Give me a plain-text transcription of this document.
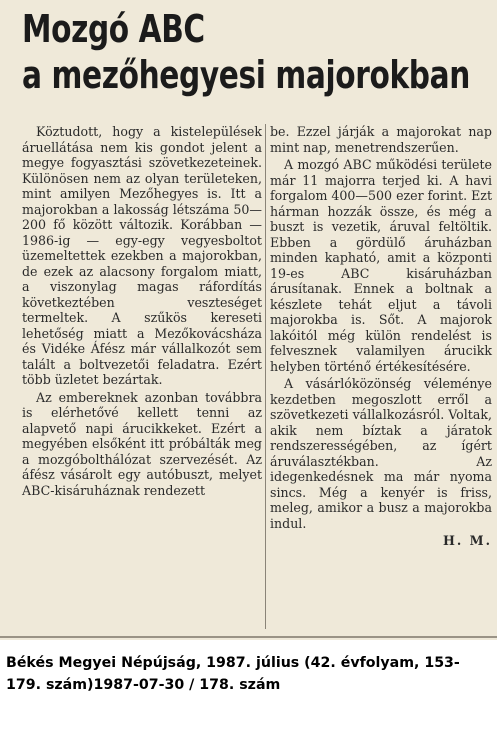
Mozgó ABC
a mezőhegyesi majorokban

Köztudott, hogy a kistelepülések áruellátása nem kis gondot jelent a megye fogyasztási szövetkezeteinek. Különösen nem az olyan területeken, mint amilyen Mezőhegyes is. Itt a majorokban a lakosság létszáma 50—200 fő között változik. Korábban — 1986-ig — egy-egy vegyesboltot üzemeltettek ezekben a majorokban, de ezek az alacsony forgalom miatt, a viszonylag magas ráfordítás következtében veszteséget termeltek. A szűkös kereseti lehetőség miatt a Mezőkovácsháza és Vidéke Áfész már vállalkozót sem talált a boltvezetői feladatra. Ezért több üzletet bezártak.

Az embereknek azonban továbbra is elérhetővé kellett tenni az alapvető napi árucikkeket. Ezért a megyében elsőként itt próbálták meg a mozgóbolthálózat szervezését. Az áfész vásárolt egy autóbuszt, melyet ABC-kisáruháznak rendezett

be. Ezzel járják a majorokat nap mint nap, menetrendszerűen.

A mozgó ABC működési területe már 11 majorra terjed ki. A havi forgalom 400—500 ezer forint. Ezt hárman hozzák össze, és még a buszt is vezetik, áruval feltöltik. Ebben a gördülő áruházban minden kapható, amit a központi 19-es ABC kisáruházban árusítanak. Ennek a boltnak a készlete tehát eljut a távoli majorokba is. Sőt. A majorok lakóitól még külön rendelést is felvesznek valamilyen árucikk helyben történő értékesítésére.

A vásárlóközönség véleménye kezdetben megoszlott erről a szövetkezeti vállalkozásról. Voltak, akik nem bíztak a járatok rendszerességében, az ígért áruválasztékban. Az idegenkedésnek ma már nyoma sincs. Még a kenyér is friss, meleg, amikor a busz a majorokba indul.

H. M.

Békés Megyei Népújság, 1987. július (42. évfolyam, 153-179. szám)1987-07-30 / 178. szám
